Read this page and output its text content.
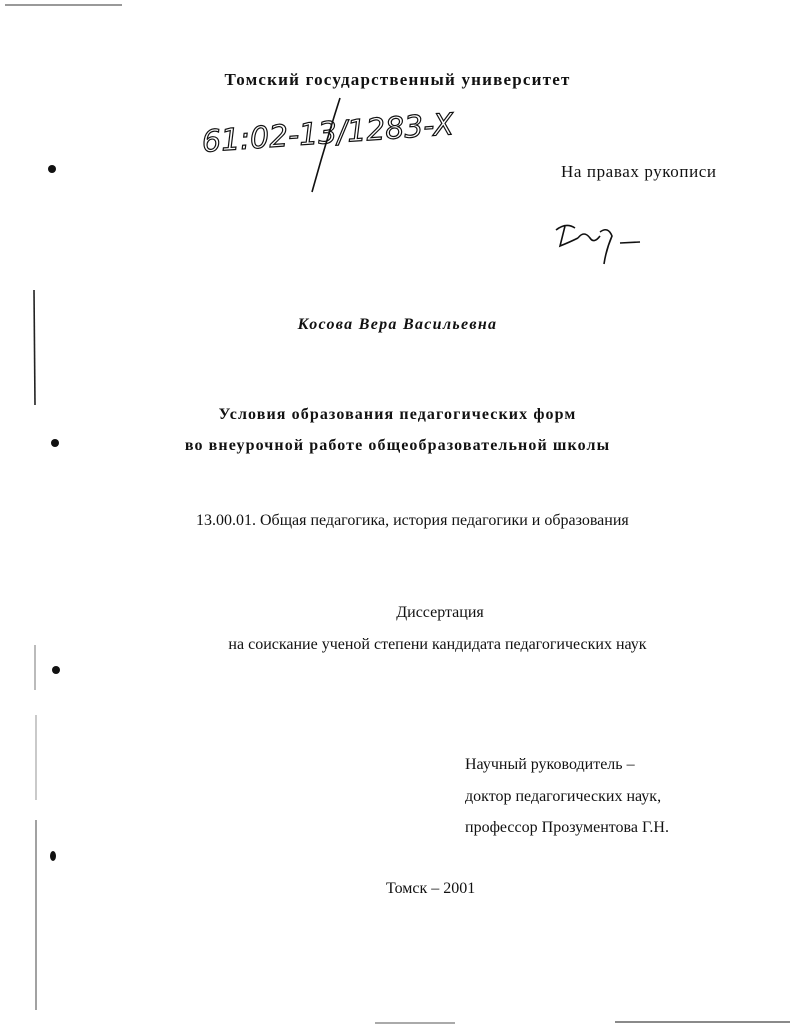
61:02-13/1283-X
Томский государственный университет
На правах рукописи
Косова Вера Васильевна
Условия образования педагогических форм
во внеурочной работе общеобразовательной школы
13.00.01. Общая педагогика, история педагогики и образования
Диссертация
на соискание ученой степени кандидата педагогических наук
Научный руководитель –
доктор педагогических наук,
профессор Прозументова Г.Н.
Томск – 2001
